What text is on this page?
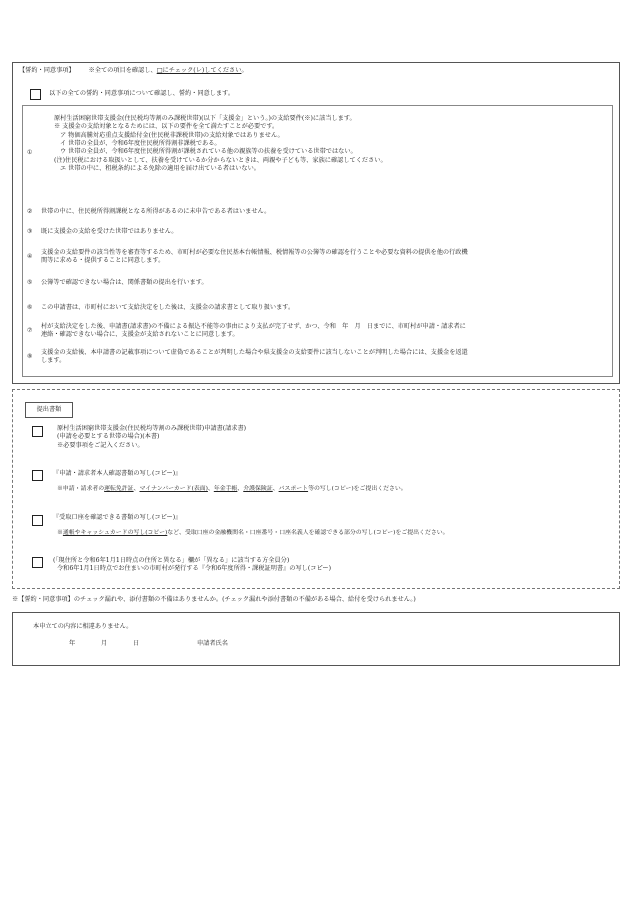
【誓約・同意事項】 ※全ての項目を確認し、□にチェック(レ)してください。
以下の全ての誓約・同意事項について確認し、誓約・同意します。
①
原村生活困窮世帯支援金(住民税均等割のみ課税世帯)(以下「支援金」という。)の支給要件(※)に該当します。
※ 支援金の支給対象となるためには、以下の要件を全て満たすことが必要です。
ア 物価高騰対応重点支援給付金(住民税非課税世帯)の支給対象ではありません。
イ 世帯の全員が、令和6年度住民税所得割非課税である。
ウ 世帯の全員が、令和6年度住民税所得割が課税されている他の親族等の扶養を受けている世帯ではない。
(注)住民税における取扱いとして、扶養を受けているか分からないときは、両親や子ども等、家族に確認してください。
エ 世帯の中に、租税条約による免除の適用を届け出ている者はいない。
② 世帯の中に、住民税所得割課税となる所得があるのに未申告である者はいません。
③ 既に支援金の支給を受けた世帯ではありません。
④
支援金の支給要件の該当性等を審査等するため、市町村が必要な住民基本台帳情報、税情報等の公簿等の確認を行うことや必要な資料の提供を他の行政機
関等に求める・提供することに同意します。
⑤ 公簿等で確認できない場合は、関係書類の提出を行います。
⑥ この申請書は、市町村において支給決定をした後は、支援金の請求書として取り扱います。
⑦
村が支給決定をした後、申請書(請求書)の不備による振込不能等の事由により支払が完了せず、かつ、令和　年　月　日までに、市町村が申請・請求者に
連絡・確認できない場合に、支援金が支給されないことに同意します。
⑧
支援金の支給後、本申請書の記載事項について虚偽であることが判明した場合や県支援金の支給要件に該当しないことが判明した場合には、支援金を返還
します。
提出書類
原村生活困窮世帯支援金(住民税均等割のみ課税世帯)申請書(請求書)
(申請を必要とする世帯の場合)(本書)
※必要事項をご記入ください。
『申請・請求者本人確認書類の写し(コピー)』
※申請・請求者の運転免許証、マイナンバーカード(表面)、年金手帳、介護保険証、パスポート等の写し(コピー)をご提出ください。
『受取口座を確認できる書類の写し(コピー)』
※通帳やキャッシュカードの写し(コピー)など、受取口座の金融機関名・口座番号・口座名義人を確認できる部分の写し(コピー)をご提出ください。
(「現住所と令和6年1月1日時点の住所と異なる」欄が「異なる」に該当する方全員分)
令和6年1月1日時点でお住まいの市町村が発行する『令和6年度所得・課税証明書』の写し(コピー)
※【誓約・同意事項】のチェック漏れや、添付書類の不備はありませんか。(チェック漏れや添付書類の不備がある場合、給付を受けられません。)
本申立ての内容に相違ありません。
年	月	日	申請者氏名
